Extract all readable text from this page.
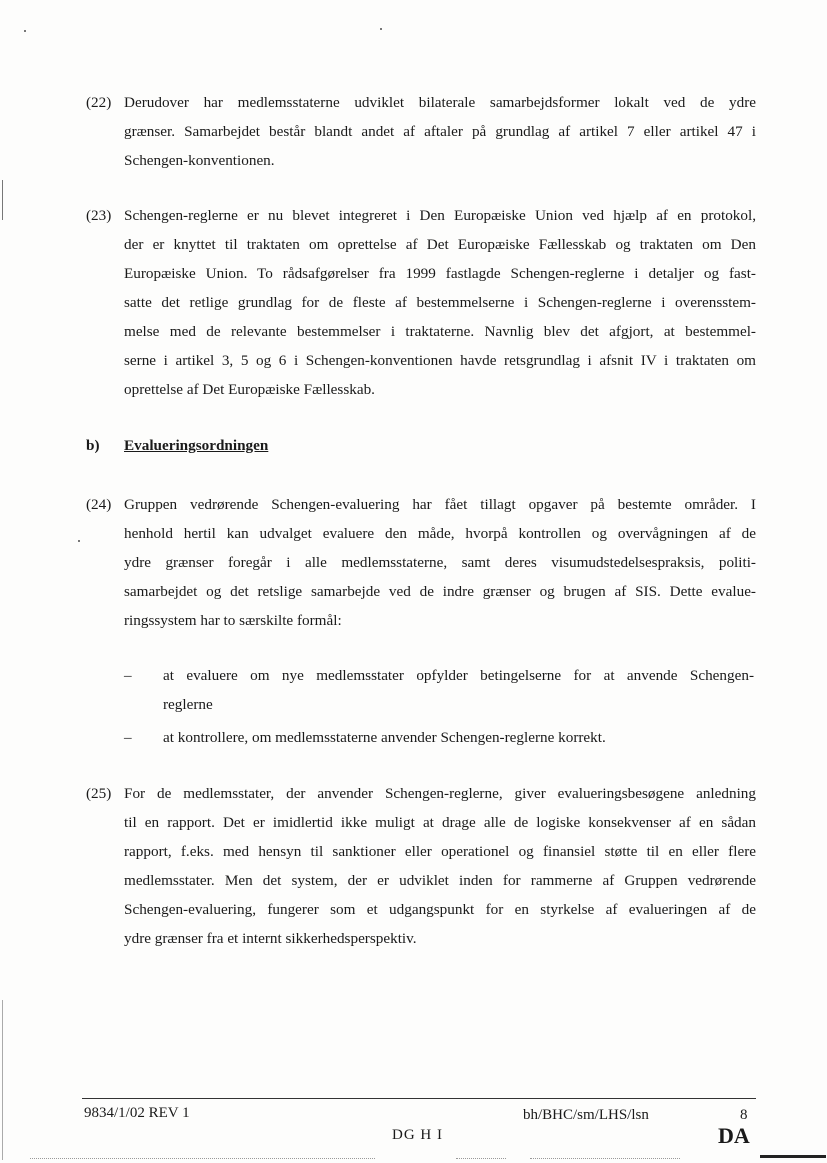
(22) Derudover har medlemsstaterne udviklet bilaterale samarbejdsformer lokalt ved de ydre
grænser. Samarbejdet består blandt andet af aftaler på grundlag af artikel 7 eller artikel 47 i
Schengen-konventionen.
(23) Schengen-reglerne er nu blevet integreret i Den Europæiske Union ved hjælp af en protokol,
der er knyttet til traktaten om oprettelse af Det Europæiske Fællesskab og traktaten om Den
Europæiske Union. To rådsafgørelser fra 1999 fastlagde Schengen-reglerne i detaljer og fast-
satte det retlige grundlag for de fleste af bestemmelserne i Schengen-reglerne i overensstem-
melse med de relevante bestemmelser i traktaterne. Navnlig blev det afgjort, at bestemmel-
serne i artikel 3, 5 og 6 i Schengen-konventionen havde retsgrundlag i afsnit IV i traktaten om
oprettelse af Det Europæiske Fællesskab.
b) Evalueringsordningen
(24) Gruppen vedrørende Schengen-evaluering har fået tillagt opgaver på bestemte områder. I
henhold hertil kan udvalget evaluere den måde, hvorpå kontrollen og overvågningen af de
ydre grænser foregår i alle medlemsstaterne, samt deres visumudstedelsespraksis, politi-
samarbejdet og det retslige samarbejde ved de indre grænser og brugen af SIS. Dette evalue-
ringssystem har to særskilte formål:
– at evaluere om nye medlemsstater opfylder betingelserne for at anvende Schengen-
reglerne
– at kontrollere, om medlemsstaterne anvender Schengen-reglerne korrekt.
(25) For de medlemsstater, der anvender Schengen-reglerne, giver evalueringsbesøgene anledning
til en rapport. Det er imidlertid ikke muligt at drage alle de logiske konsekvenser af en sådan
rapport, f.eks. med hensyn til sanktioner eller operationel og finansiel støtte til en eller flere
medlemsstater. Men det system, der er udviklet inden for rammerne af Gruppen vedrørende
Schengen-evaluering, fungerer som et udgangspunkt for en styrkelse af evalueringen af de
ydre grænser fra et internt sikkerhedsperspektiv.
9834/1/02 REV 1
DG H I
bh/BHC/sm/LHS/lsn	8
DA
